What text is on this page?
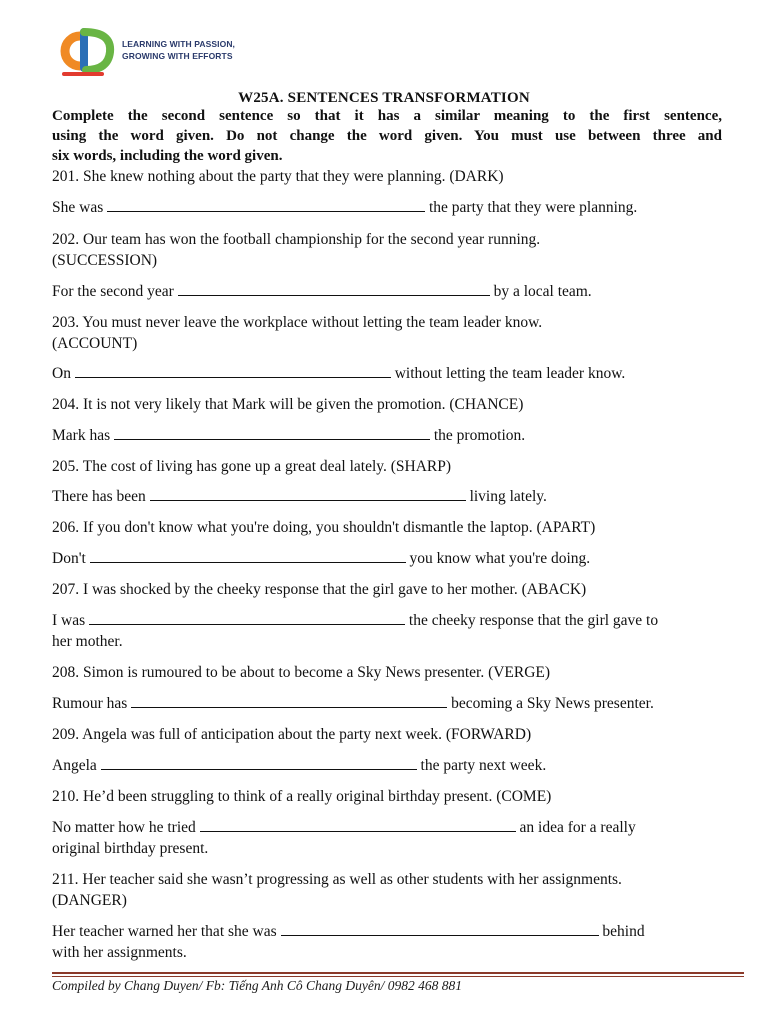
LEARNING WITH PASSION,
GROWING WITH EFFORTS
W25A. SENTENCES TRANSFORMATION
Complete the second sentence so that it has a similar meaning to the first sentence,
using the word given. Do not change the word given. You must use between three and
six words, including the word given.
201. She knew nothing about the party that they were planning. (DARK)
She was	the party that they were planning.
202. Our team has won the football championship for the second year running.
(SUCCESSION)
For the second year	by a local team.
203. You must never leave the workplace without letting the team leader know.
(ACCOUNT)
On	without letting the team leader know.
204. It is not very likely that Mark will be given the promotion. (CHANCE)
Mark has	the promotion.
205. The cost of living has gone up a great deal lately. (SHARP)
There has been	living lately.
206. If you don't know what you're doing, you shouldn't dismantle the laptop. (APART)
Don't	you know what you're doing.
207. I was shocked by the cheeky response that the girl gave to her mother. (ABACK)
I was	the cheeky response that the girl gave to
her mother.
208. Simon is rumoured to be about to become a Sky News presenter. (VERGE)
Rumour has	becoming a Sky News presenter.
209. Angela was full of anticipation about the party next week. (FORWARD)
Angela	the party next week.
210. He’d been struggling to think of a really original birthday present. (COME)
No matter how he tried	an idea for a really
original birthday present.
211. Her teacher said she wasn’t progressing as well as other students with her assignments.
(DANGER)
Her teacher warned her that she was	behind
with her assignments.
Compiled by Chang Duyen/ Fb: Tiếng Anh Cô Chang Duyên/ 0982 468 881
